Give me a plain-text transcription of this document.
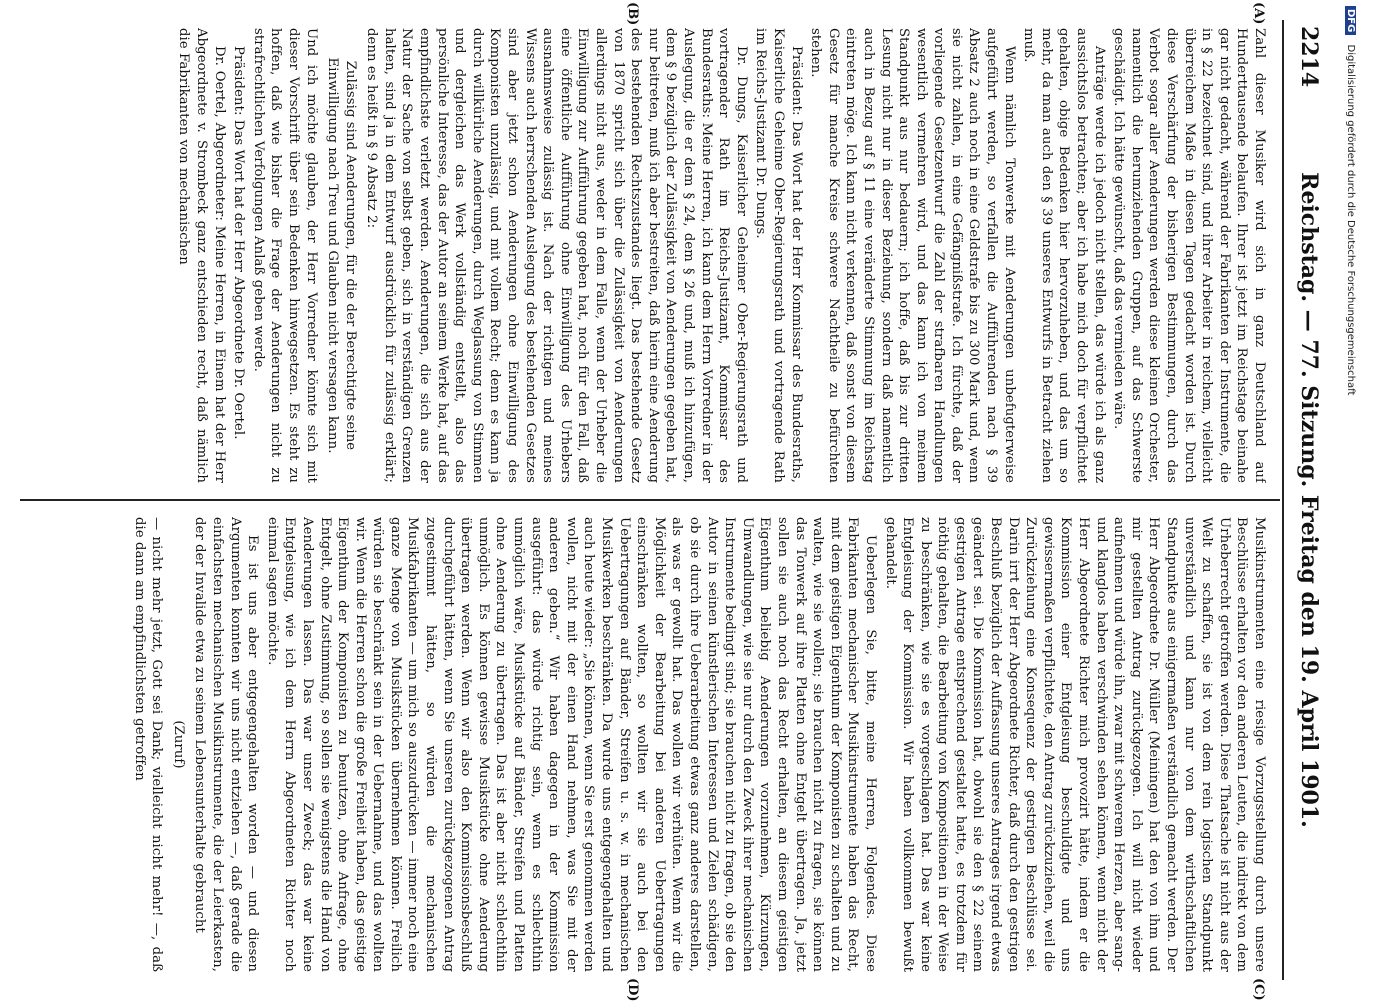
2214
Reichstag. — 77. Sitzung. Freitag den 19. April 1901.
(A)
(B)
(C)
(D)

Zahl dieser Musiker wird sich in ganz Deutschland auf Hunderttausende belaufen. Ihrer ist jetzt im Reichstage beinahe gar nicht gedacht, während der Fabrikanten der Instrumente, die in § 22 bezeichnet sind, und ihrer Arbeiter in reichem, vielleicht überreichem Maße in diesen Tagen gedacht worden ist. Durch diese Verschärfung der bisherigen Bestimmungen, durch das Verbot sogar aller Aenderungen werden diese kleinen Orchester, namentlich die herumziehenden Gruppen, auf das Schwerste geschädigt. Ich hätte gewünscht, daß das vermieden wäre.

Anträge werde ich jedoch nicht stellen, das würde ich als ganz aussichtslos betrachten; aber ich habe mich doch für verpflichtet gehalten, obige Bedenken hier hervorzuheben, und das um so mehr, da man auch den § 39 unseres Entwurfs in Betracht ziehen muß.

Wenn nämlich Tonwerke mit Aenderungen unbefugterweise aufgeführt werden, so verfallen die Aufführenden nach § 39 Absatz 2 auch noch in eine Geldstrafe bis zu 300 Mark und, wenn sie nicht zahlen, in eine Gefängnißstrafe. Ich fürchte, daß der vorliegende Gesetzentwurf die Zahl der strafbaren Handlungen wesentlich vermehren wird, und das kann ich von meinem Standpunkt aus nur bedauern; ich hoffe, daß bis zur dritten Lesung nicht nur in dieser Beziehung, sondern daß namentlich auch in Bezug auf § 11 eine veränderte Stimmung im Reichstag eintreten möge. Ich kann nicht verkennen, daß sonst von diesem Gesetz für manche Kreise schwere Nachtheile zu befürchten stehen.

Präsident: Das Wort hat der Herr Kommissar des Bundesraths, Kaiserliche Geheime Ober-Regierungsrath und vortragende Rath im Reichs-Justizamt Dr. Dungs.

Dr. Dungs, Kaiserlicher Geheimer Ober-Regierungsrath und vortragender Rath im Reichs-Justizamt, Kommissar des Bundesraths: Meine Herren, ich kann dem Herrn Vorredner in der Auslegung, die er dem § 24, dem § 26 und, muß ich hinzufügen, dem § 9 bezüglich der Zulässigkeit von Aenderungen gegeben hat, nur beitreten, muß ich aber bestreiten, daß hierin eine Aenderung des bestehenden Rechtszustandes liegt. Das bestehende Gesetz von 1870 spricht sich über die Zulässigkeit von Aenderungen allerdings nicht aus, weder in dem Falle, wenn der Urheber die Einwilligung zur Aufführung gegeben hat, noch für den Fall, daß eine öffentliche Aufführung ohne Einwilligung des Urhebers ausnahmsweise zulässig ist. Nach der richtigen und meines Wissens auch herrschenden Auslegung des bestehenden Gesetzes sind aber jetzt schon Aenderungen ohne Einwilligung des Komponisten unzulässig, und mit vollem Recht; denn es kann ja durch willkürliche Aenderungen, durch Weglassung von Stimmen und dergleichen das Werk vollständig entstellt, also das persönliche Interesse, das der Autor an seinem Werke hat, auf das empfindlichste verletzt werden. Aenderungen, die sich aus der Natur der Sache von selbst geben, sich in verständigen Grenzen halten, sind ja in dem Entwurf ausdrücklich für zulässig erklärt; denn es heißt in § 9 Absatz 2:

Zulässig sind Aenderungen, für die der Berechtigte seine Einwilligung nach Treu und Glauben nicht versagen kann.

Und ich möchte glauben, der Herr Vorredner könnte sich mit dieser Vorschrift über sein Bedenken hinwegsetzen. Es steht zu hoffen, daß wie bisher die Frage der Aenderungen nicht zu strafrechtlichen Verfolgungen Anlaß geben werde.

Präsident: Das Wort hat der Herr Abgeordnete Dr. Oertel.

Dr. Oertel, Abgeordneter: Meine Herren, in Einem hat der Herr Abgeordnete v. Strombeck ganz entschieden recht, daß nämlich die Fabrikanten von mechanischen

Musikinstrumenten eine riesige Vorzugsstellung durch unsere Beschlüsse erhalten vor den anderen Leuten, die indirekt von dem Urheberrecht getroffen werden. Diese Thatsache ist nicht aus der Welt zu schaffen, sie ist von dem rein logischen Standpunkt unverständlich und kann nur von dem wirthschaftlichen Standpunkte aus einigermaßen verständlich gemacht werden. Der Herr Abgeordnete Dr. Müller (Meiningen) hat den von ihm und mir gestellten Antrag zurückgezogen. Ich will nicht wieder aufnehmen und würde ihn, zwar mit schwerem Herzen, aber sang- und klanglos haben verschwinden sehen können, wenn nicht der Herr Abgeordnete Richter mich provozirt hätte, indem er die Kommission einer Entgleisung beschuldigte und uns gewissermaßen verpflichtete, den Antrag zurückzuziehen, weil die Zurückziehung eine Konsequenz der gestrigen Beschlüsse sei. Darin irrt der Herr Abgeordnete Richter, daß durch den gestrigen Beschluß bezüglich der Auffassung unseres Antrages irgend etwas geändert sei. Die Kommission hat, obwohl sie den § 22 seinem gestrigen Antrage entsprechend gestaltet hatte, es trotzdem für nöthig gehalten, die Bearbeitung von Kompositionen in der Weise zu beschränken, wie sie es vorgeschlagen hat. Das war keine Entgleisung der Kommission. Wir haben vollkommen bewußt gehandelt.

Ueberlegen Sie, bitte, meine Herren, Folgendes. Diese Fabrikanten mechanischer Musikinstrumente haben das Recht, mit dem geistigen Eigenthum der Komponisten zu schalten und zu walten, wie sie wollen; sie brauchen nicht zu fragen, sie können das Tonwerk auf ihre Platten ohne Entgelt übertragen. Ja, jetzt sollen sie auch noch das Recht erhalten, an diesem geistigen Eigenthum beliebig Aenderungen vorzunehmen, Kürzungen, Umwandlungen, wie sie nur durch den Zweck ihrer mechanischen Instrumente bedingt sind; sie brauchen nicht zu fragen, ob sie den Autor in seinen künstlerischen Interessen und Zielen schädigen, ob sie durch ihre Ueberarbeitung etwas ganz anderes darstellen, als was er gewollt hat. Das wollen wir verhüten. Wenn wir die Möglichkeit der Bearbeitung bei anderen Uebertragungen einschränken wollten, so wollten wir sie auch bei den Uebertragungen auf Bänder, Streifen u. s. w. in mechanischen Musikwerken beschränken. Da wurde uns entgegengehalten und auch heute wieder: „Sie können, wenn Sie erst genommen werden wollen, nicht mit der einen Hand nehmen, was Sie mit der anderen geben.“ Wir haben dagegen in der Kommission ausgeführt: das würde richtig sein, wenn es schlechthin unmöglich wäre, Musikstücke auf Bänder, Streifen und Platten ohne Aenderung zu übertragen. Das ist aber nicht schlechthin unmöglich. Es können gewisse Musikstücke ohne Aenderung übertragen werden. Wenn wir also den Kommissionsbeschluß durchgeführt hätten, wenn Sie unseren zurückgezogenen Antrag zugestimmt hätten, so würden die mechanischen Musikfabrikanten — um mich so auszudrücken — immer noch eine ganze Menge von Musikstücken übernehmen können. Freilich würden sie beschränkt sein in der Uebernahme, und das wollten wir. Wenn die Herren schon die große Freiheit haben, das geistige Eigenthum der Komponisten zu benutzen, ohne Anfrage, ohne Entgelt, ohne Zustimmung, so sollen sie wenigstens die Hand von Aenderungen lassen. Das war unser Zweck; das war keine Entgleisung, wie ich dem Herrn Abgeordneten Richter noch einmal sagen möchte.

Es ist uns aber entgegengehalten worden — und diesen Argumenten konnten wir uns nicht entziehen —, daß gerade die einfachsten mechanischen Musikinstrumente, die der Leierkasten, der der Invalide etwa zu seinem Lebensunterhalte gebraucht

(Zuruf)

— nicht mehr jetzt, Gott sei Dank; vielleicht nicht mehr! —, daß die dann am empfindlichsten getroffen

DFG Digitalisierung gefördert durch die Deutsche Forschungsgemeinschaft
